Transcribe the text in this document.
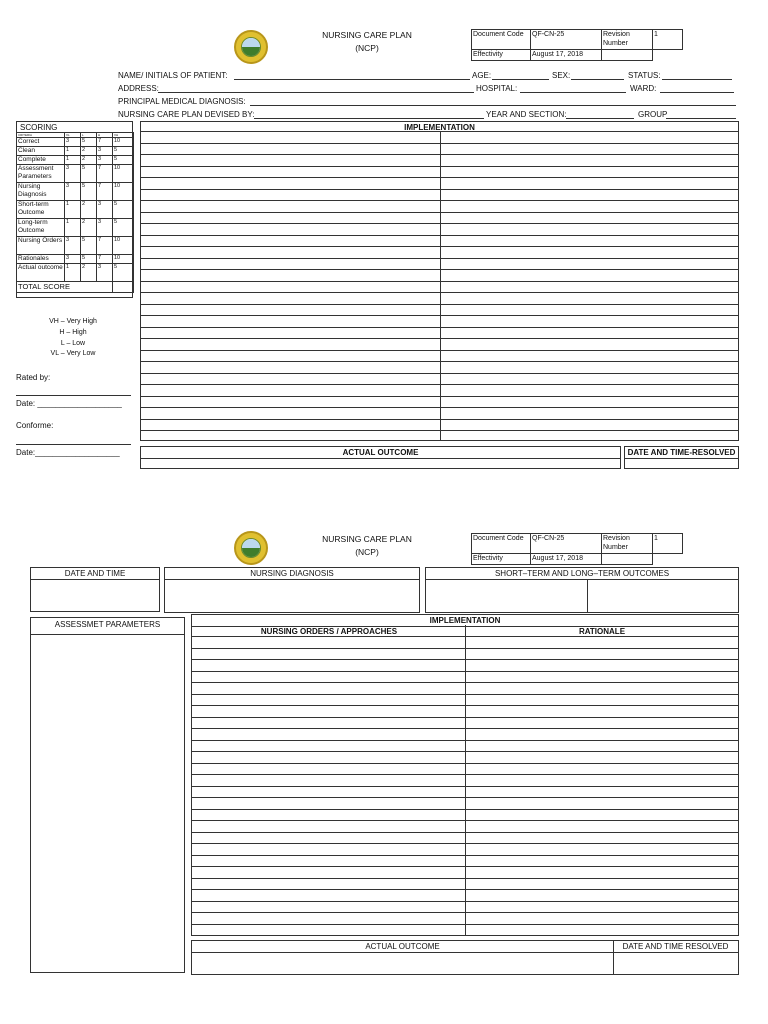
NURSING CARE PLAN
(NCP)
Document Code	QF-CN-25	Revision Number	1
Effectivity	August 17, 2018		
NAME/ INITIALS OF PATIENT:	AGE:	SEX:	STATUS:
ADDRESS:	HOSPITAL:	WARD:
PRINCIPAL MEDICAL DIAGNOSIS:
NURSING CARE PLAN DEVISED BY:	YEAR AND SECTION:	GROUP
SCORING
CRITERIA	VL	L	H	VH
Correct	3	5	7	10
Clean	1	2	3	5
Complete	1	2	3	5
Assessment Parameters	3	5	7	10
Nursing Diagnosis	3	5	7	10
Short-term Outcome	1	2	3	5
Long-term Outcome	1	2	3	5
Nursing Orders	3	5	7	10
Rationales	3	5	7	10
Actual outcome	1	2	3	5
TOTAL SCORE				
VH – Very High
H – High
L – Low
VL – Very Low
Rated by:
Date: ___________________
Conforme:
Date:___________________
IMPLEMENTATION
ACTUAL OUTCOME	DATE AND TIME-RESOLVED
NURSING CARE PLAN
(NCP)
Document Code	QF-CN-25	Revision Number	1
Effectivity	August 17, 2018		
DATE AND TIME	NURSING DIAGNOSIS	SHORT–TERM AND LONG–TERM OUTCOMES
ASSESSMET PARAMETERS	IMPLEMENTATION
NURSING ORDERS / APPROACHES	RATIONALE
ACTUAL OUTCOME	DATE AND TIME RESOLVED
